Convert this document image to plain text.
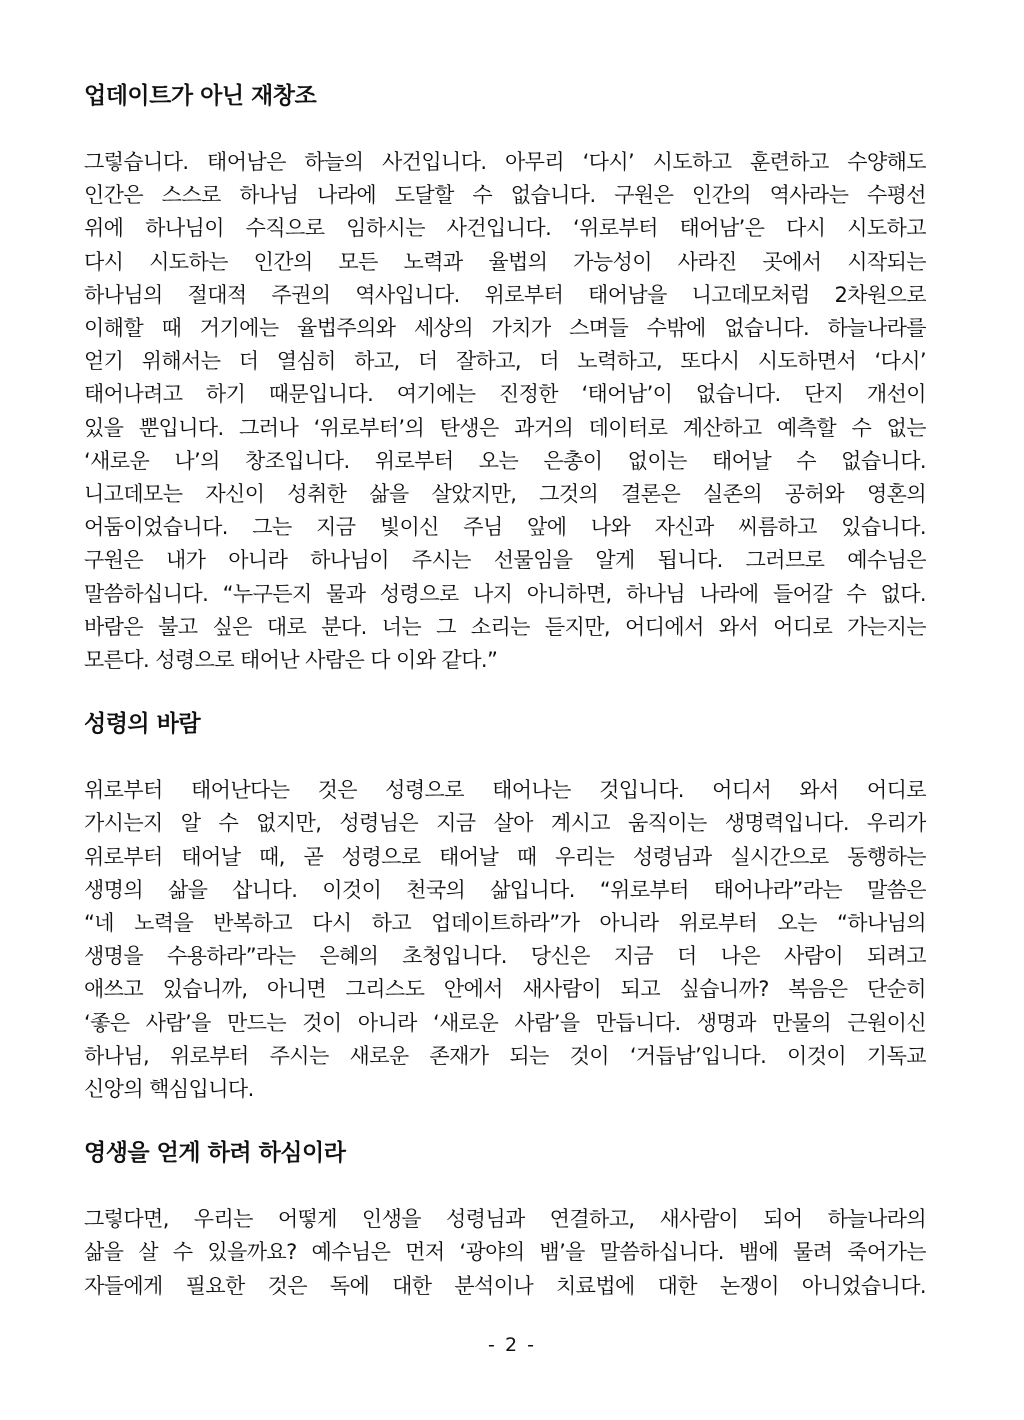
업데이트가 아닌 재창조
그렇습니다. 태어남은 하늘의 사건입니다. 아무리 ‘다시’ 시도하고 훈련하고 수양해도
인간은 스스로 하나님 나라에 도달할 수 없습니다. 구원은 인간의 역사라는 수평선
위에 하나님이 수직으로 임하시는 사건입니다. ‘위로부터 태어남’은 다시 시도하고
다시 시도하는 인간의 모든 노력과 율법의 가능성이 사라진 곳에서 시작되는
하나님의 절대적 주권의 역사입니다. 위로부터 태어남을 니고데모처럼 2차원으로
이해할 때 거기에는 율법주의와 세상의 가치가 스며들 수밖에 없습니다. 하늘나라를
얻기 위해서는 더 열심히 하고, 더 잘하고, 더 노력하고, 또다시 시도하면서 ‘다시’
태어나려고 하기 때문입니다. 여기에는 진정한 ‘태어남’이 없습니다. 단지 개선이
있을 뿐입니다. 그러나 ‘위로부터’의 탄생은 과거의 데이터로 계산하고 예측할 수 없는
‘새로운 나’의 창조입니다. 위로부터 오는 은총이 없이는 태어날 수 없습니다.
니고데모는 자신이 성취한 삶을 살았지만, 그것의 결론은 실존의 공허와 영혼의
어둠이었습니다. 그는 지금 빛이신 주님 앞에 나와 자신과 씨름하고 있습니다.
구원은 내가 아니라 하나님이 주시는 선물임을 알게 됩니다. 그러므로 예수님은
말씀하십니다. “누구든지 물과 성령으로 나지 아니하면, 하나님 나라에 들어갈 수 없다.
바람은 불고 싶은 대로 분다. 너는 그 소리는 듣지만, 어디에서 와서 어디로 가는지는
모른다. 성령으로 태어난 사람은 다 이와 같다.”
성령의 바람
위로부터 태어난다는 것은 성령으로 태어나는 것입니다. 어디서 와서 어디로
가시는지 알 수 없지만, 성령님은 지금 살아 계시고 움직이는 생명력입니다. 우리가
위로부터 태어날 때, 곧 성령으로 태어날 때 우리는 성령님과 실시간으로 동행하는
생명의 삶을 삽니다. 이것이 천국의 삶입니다. “위로부터 태어나라”라는 말씀은
“네 노력을 반복하고 다시 하고 업데이트하라”가 아니라 위로부터 오는 “하나님의
생명을 수용하라”라는 은혜의 초청입니다. 당신은 지금 더 나은 사람이 되려고
애쓰고 있습니까, 아니면 그리스도 안에서 새사람이 되고 싶습니까? 복음은 단순히
‘좋은 사람’을 만드는 것이 아니라 ‘새로운 사람’을 만듭니다. 생명과 만물의 근원이신
하나님, 위로부터 주시는 새로운 존재가 되는 것이 ‘거듭남’입니다. 이것이 기독교
신앙의 핵심입니다.
영생을 얻게 하려 하심이라
그렇다면, 우리는 어떻게 인생을 성령님과 연결하고, 새사람이 되어 하늘나라의
삶을 살 수 있을까요? 예수님은 먼저 ‘광야의 뱀’을 말씀하십니다. 뱀에 물려 죽어가는
자들에게 필요한 것은 독에 대한 분석이나 치료법에 대한 논쟁이 아니었습니다.
- 2 -
